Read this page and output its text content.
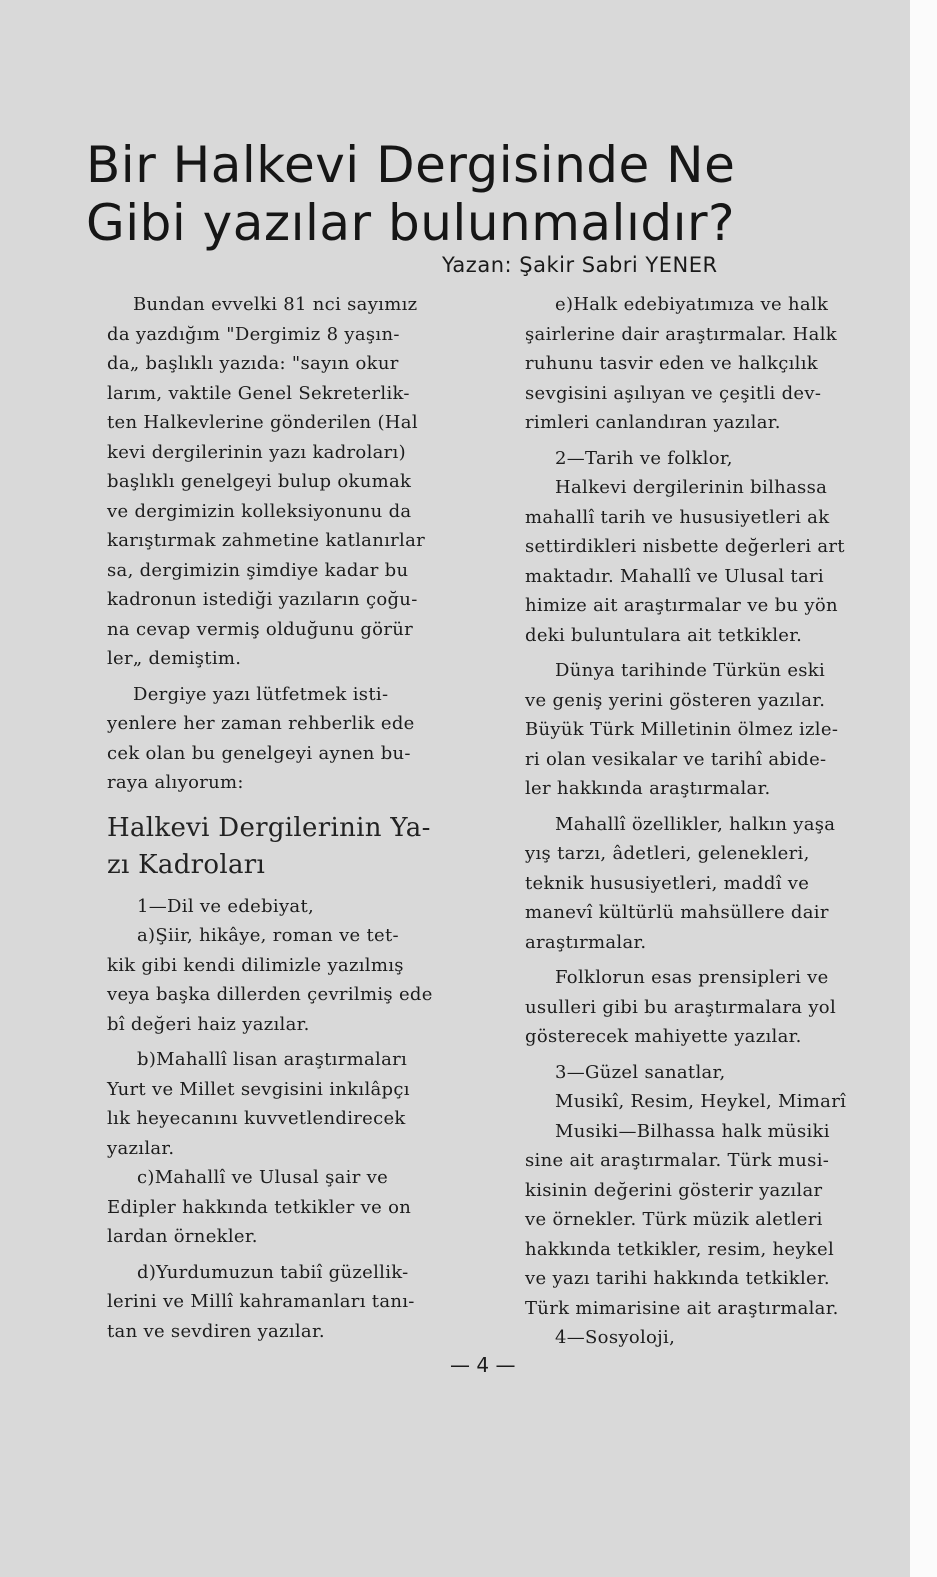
Bir Halkevi Dergisinde Ne
Gibi yazılar bulunmalıdır?
Yazan: Şakir Sabri YENER
Bundan evvelki 81 nci sayımız
da yazdığım "Dergimiz 8 yaşın-
da„ başlıklı yazıda: "sayın okur
larım, vaktile Genel Sekreterlik-
ten Halkevlerine gönderilen (Hal
kevi dergilerinin yazı kadroları)
başlıklı genelgeyi bulup okumak
ve dergimizin kolleksiyonunu da
karıştırmak zahmetine katlanırlar
sa, dergimizin şimdiye kadar bu
kadronun istediği yazıların çoğu-
na cevap vermiş olduğunu görür
ler„ demiştim.
Dergiye yazı lütfetmek isti-
yenlere her zaman rehberlik ede
cek olan bu genelgeyi aynen bu-
raya alıyorum:
Halkevi Dergilerinin Ya-
zı Kadroları
1—Dil ve edebiyat,
a)Şiir, hikâye, roman ve tet-
kik gibi kendi dilimizle yazılmış
veya başka dillerden çevrilmiş ede
bî değeri haiz yazılar.
b)Mahallî lisan araştırmaları
Yurt ve Millet sevgisini inkılâpçı
lık heyecanını kuvvetlendirecek
yazılar.
c)Mahallî ve Ulusal şair ve
Edipler hakkında tetkikler ve on
lardan örnekler.
d)Yurdumuzun tabiî güzellik-
lerini ve Millî kahramanları tanı-
tan ve sevdiren yazılar.
e)Halk edebiyatımıza ve halk
şairlerine dair araştırmalar. Halk
ruhunu tasvir eden ve halkçılık
sevgisini aşılıyan ve çeşitli dev-
rimleri canlandıran yazılar.
2—Tarih ve folklor,
Halkevi dergilerinin bilhassa
mahallî tarih ve hususiyetleri ak
settirdikleri nisbette değerleri art
maktadır. Mahallî ve Ulusal tari
himize ait araştırmalar ve bu yön
deki buluntulara ait tetkikler.
Dünya tarihinde Türkün eski
ve geniş yerini gösteren yazılar.
Büyük Türk Milletinin ölmez izle-
ri olan vesikalar ve tarihî abide-
ler hakkında araştırmalar.
Mahallî özellikler, halkın yaşa
yış tarzı, âdetleri, gelenekleri,
teknik hususiyetleri, maddî ve
manevî kültürlü mahsüllere dair
araştırmalar.
Folklorun esas prensipleri ve
usulleri gibi bu araştırmalara yol
gösterecek mahiyette yazılar.
3—Güzel sanatlar,
Musikî, Resim, Heykel, Mimarî
Musiki—Bilhassa halk müsiki
sine ait araştırmalar. Türk musi-
kisinin değerini gösterir yazılar
ve örnekler. Türk müzik aletleri
hakkında tetkikler, resim, heykel
ve yazı tarihi hakkında tetkikler.
Türk mimarisine ait araştırmalar.
4—Sosyoloji,
— 4 —
